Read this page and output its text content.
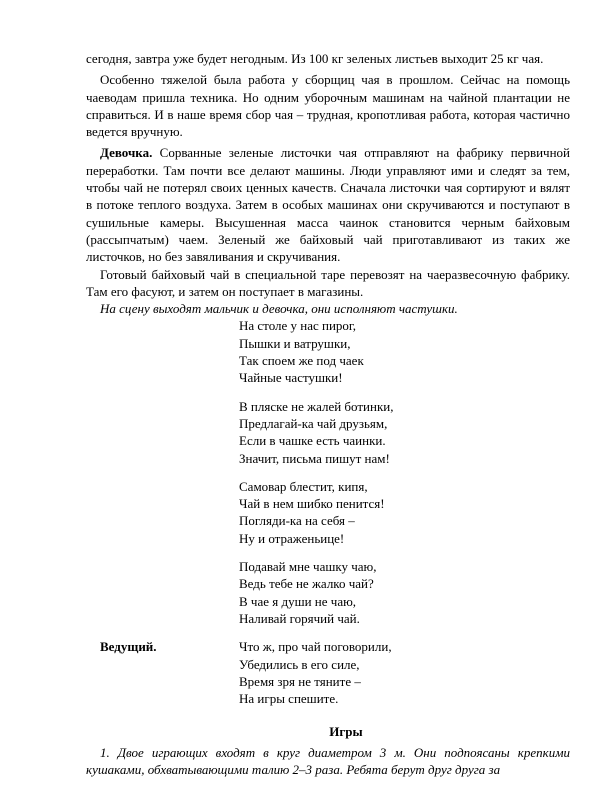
сегодня, завтра уже будет негодным. Из 100 кг зеленых листьев выходит 25 кг чая.

Особенно тяжелой была работа у сборщиц чая в прошлом. Сейчас на помощь чаеводам пришла техника. Но одним уборочным машинам на чайной плантации не справиться. И в наше время сбор чая – трудная, кропотливая работа, которая частично ведется вручную.

Девочка. Сорванные зеленые листочки чая отправляют на фабрику первичной переработки. Там почти все делают машины. Люди управляют ими и следят за тем, чтобы чай не потерял своих ценных качеств. Сначала листочки чая сортируют и вялят в потоке теплого воздуха. Затем в особых машинах они скручиваются и поступают в сушильные камеры. Высушенная масса чаинок становится черным байховым (рассыпчатым) чаем. Зеленый же байховый чай приготавливают из таких же листочков, но без завяливания и скручивания.

Готовый байховый чай в специальной таре перевозят на чаеразвесочную фабрику. Там его фасуют, и затем он поступает в магазины.

На сцену выходят мальчик и девочка, они исполняют частушки.

На столе у нас пирог,
Пышки и ватрушки,
Так споем же под чаек
Чайные частушки!
В пляске не жалей ботинки,
Предлагай-ка чай друзьям,
Если в чашке есть чаинки.
Значит, письма пишут нам!
Самовар блестит, кипя,
Чай в нем шибко пенится!
Погляди-ка на себя –
Ну и отраженьице!
Подавай мне чашку чаю,
Ведь тебе не жалко чай?
В чае я души не чаю,
Наливай горячий чай.
Ведущий.	Что ж, про чай поговорили,
Убедились в его силе,
Время зря не тяните –
На игры спешите.

Игры

1. Двое играющих входят в круг диаметром 3 м. Они подпоясаны крепкими кушаками, обхватывающими талию 2–3 раза. Ребята берут друг друга за
